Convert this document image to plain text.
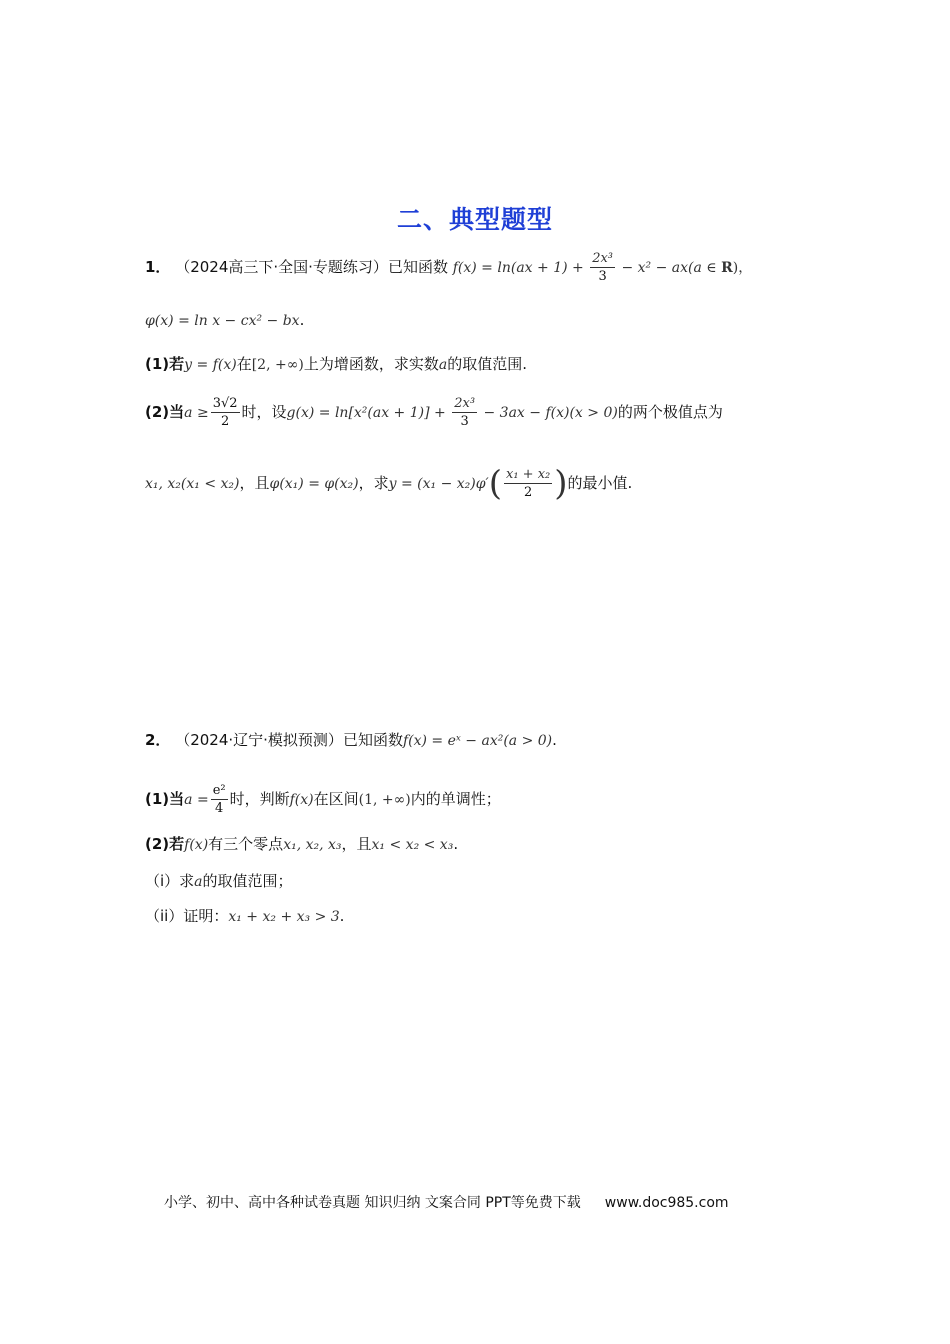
二、典型题型
1． （2024高三下·全国·专题练习）已知函数 $f(x) = \ln(ax + 1) + \frac{\text{2x³}}{3} - x^2 - ax(a$ ∈ R)，
φ(x) = ln x − cx² − bx.
(1)若y = f(x)在[2, +∞)上为增函数，求实数a的取值范围.
(2)当$a \ge \frac{3√2}{2}$ 时，设$g(x) = \ln[x^2(ax + 1)] + \frac{\text{2x³}}{3} - 3ax - f(x)(x > 0)$的两个极值点为
x₁, x₂(x₁ < x₂)，且φ(x₁) = φ(x₂)，求$y = (x_1 - x_2)\varphi'( \frac{\text{x₁ + x₂}}{2}$ )的最小值.
2． （2024·辽宁·模拟预测）已知函数f(x) = eˣ − ax²(a > 0).
(1)当$a = \frac{\text{e²}}{4}$ 时，判断f(x)在区间(1, +∞)内的单调性；
(2)若f(x)有三个零点x₁, x₂, x₃，且x₁ < x₂ < x₃.
（i）求a的取值范围；
（ii）证明：x₁ + x₂ + x₃ > 3.
小学、初中、高中各种试卷真题 知识归纳 文案合同 PPT等免费下载 www.doc985.com
